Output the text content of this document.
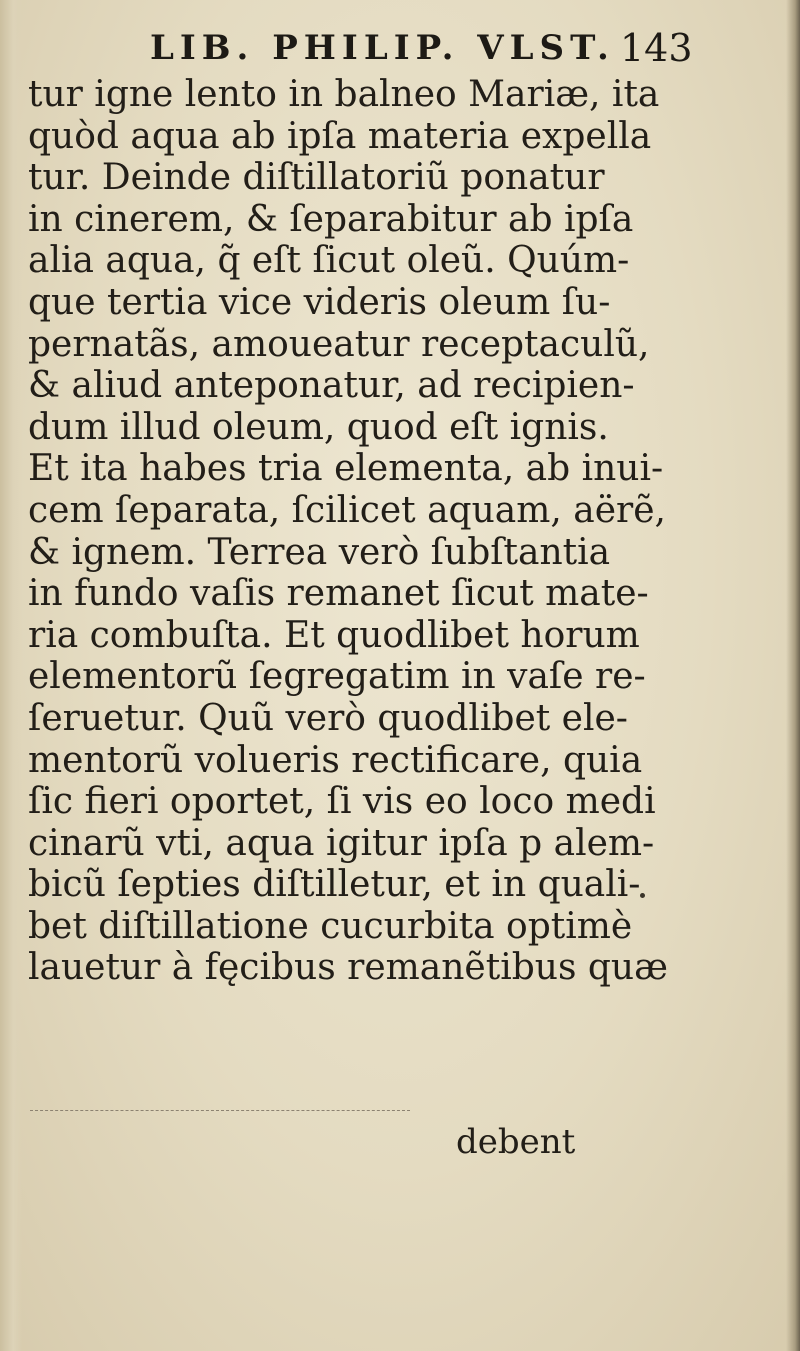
LIB. PHILIP. VLST. 143
tur igne lento in balneo Mariæ, ita
quòd aqua ab ipſa materia expella
tur. Deinde diſtillatoriũ ponatur
in cinerem, & ſeparabitur ab ipſa
alia aqua, q̃ eſt ſicut oleũ. Quúm-
que tertia vice videris oleum ſu-
pernatãs, amoueatur receptaculũ,
& aliud anteponatur, ad recipien-
dum illud oleum, quod eſt ignis.
Et ita habes tria elementa, ab inui-
cem ſeparata, ſcilicet aquam, aërẽ,
& ignem. Terrea verò ſubſtantia
in fundo vaſis remanet ſicut mate-
ria combuſta. Et quodlibet horum
elementorũ ſegregatim in vaſe re-
ſeruetur. Quũ verò quodlibet ele-
mentorũ volueris rectificare, quia
ſic fieri oportet, ſi vis eo loco medi
cinarũ vti, aqua igitur ipſa p alem-
bicũ ſepties diſtilletur, et in quali-
bet diſtillatione cucurbita optimè
lauetur à fęcibus remanẽtibus quæ
debent
